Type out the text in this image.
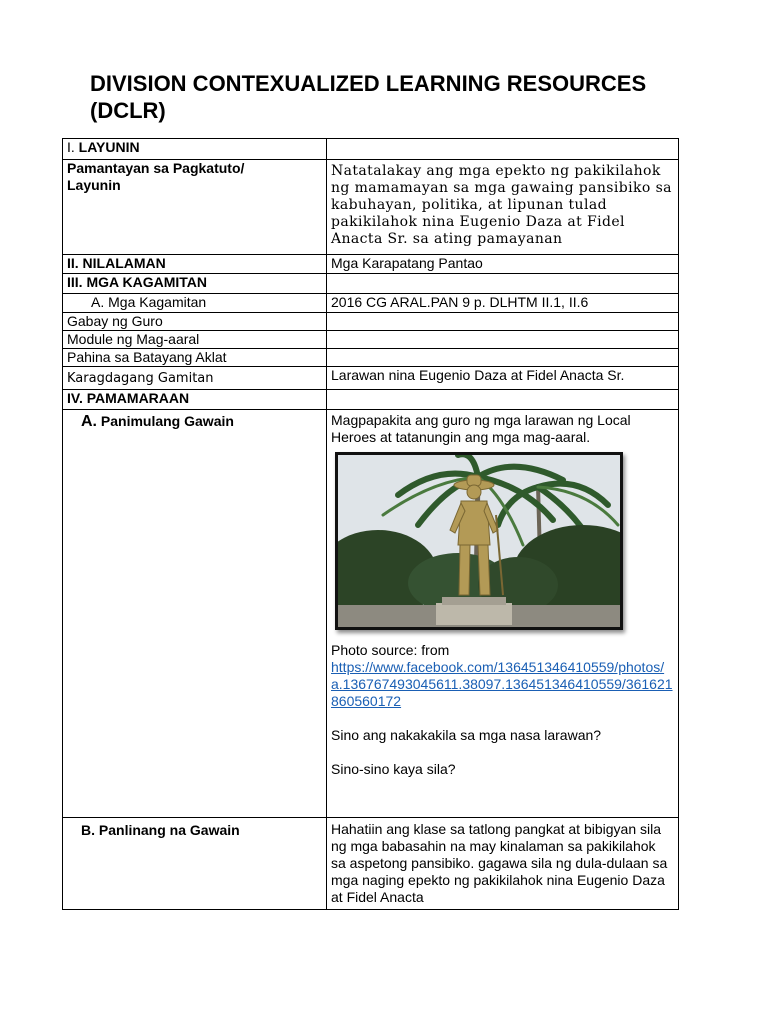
DIVISION CONTEXUALIZED LEARNING RESOURCES (DCLR)
I. LAYUNIN	

Pamantayan sa Pagkatuto/ Layunin	Natatalakay ang mga epekto ng pakikilahok ng mamamayan sa mga gawaing pansibiko sa kabuhayan, politika, at lipunan tulad pakikilahok nina Eugenio Daza at Fidel Anacta Sr. sa ating pamayanan
II. NILALAMAN	Mga Karapatang Pantao
III. MGA KAGAMITAN	
A. Mga Kagamitan	2016 CG ARAL.PAN 9 p. DLHTM II.1, II.6
Gabay ng Guro	
Module ng Mag-aaral	
Pahina sa Batayang Aklat	
Karagdagang Gamitan	Larawan nina Eugenio Daza at Fidel Anacta Sr.
IV. PAMAMARAAN	
A. Panimulang Gawain	Magpapakita ang guro ng mga larawan ng Local Heroes at tatanungin ang mga mag-aaral.
Photo source: from
https://www.facebook.com/136451346410559/photos/a.136767493045611.38097.136451346410559/361621860560172
Sino ang nakakakila sa mga nasa larawan?
Sino-sino kaya sila?

B. Panlinang na Gawain	Hahatiin ang klase sa tatlong pangkat at bibigyan sila ng mga babasahin na may kinalaman sa pakikilahok sa aspetong pansibiko. gagawa sila ng dula-dulaan sa mga naging epekto ng pakikilahok nina Eugenio Daza at Fidel Anacta
